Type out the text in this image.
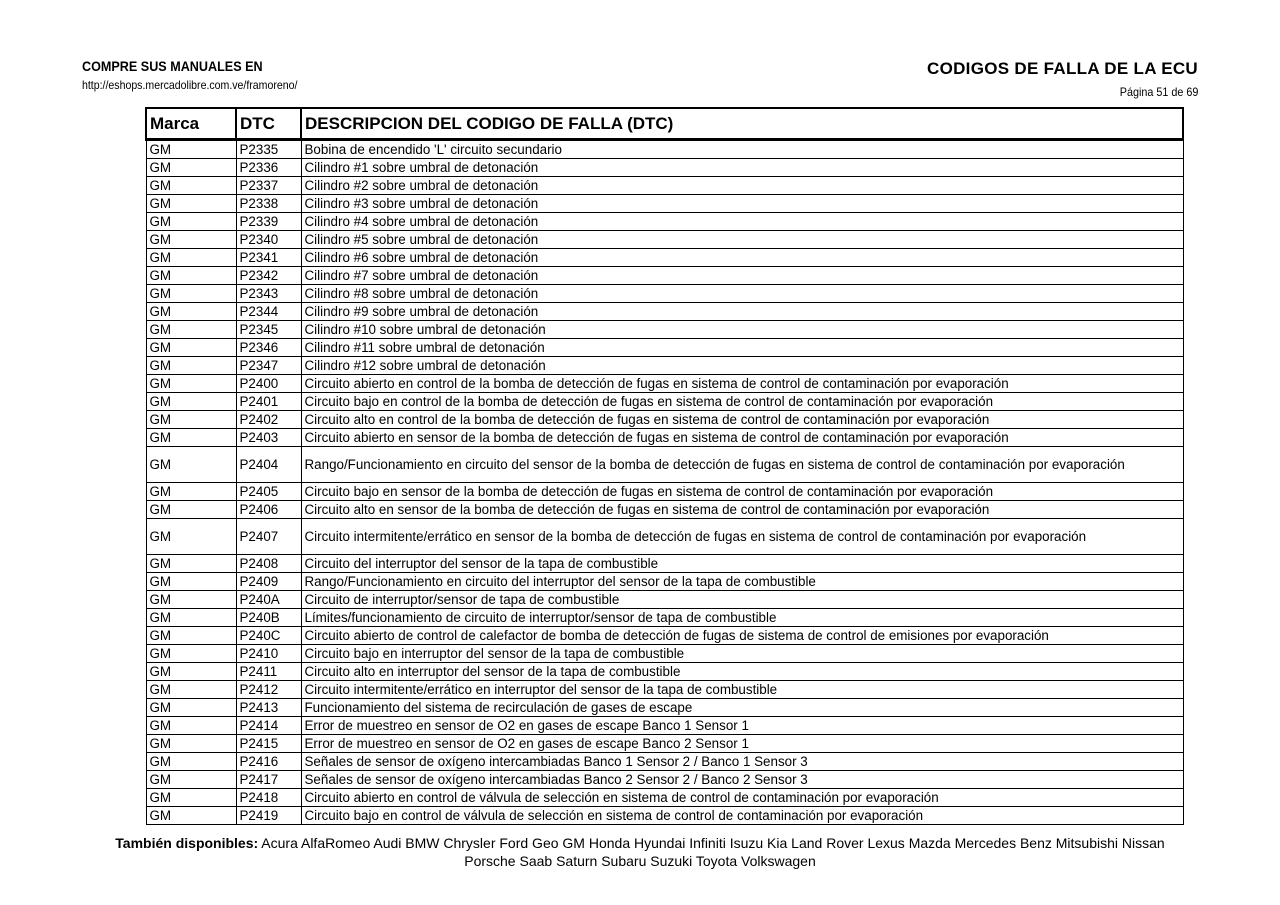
COMPRE SUS MANUALES EN
http://eshops.mercadolibre.com.ve/framoreno/
CODIGOS DE FALLA DE LA ECU
Página 51 de 69
Marca	DTC	DESCRIPCION DEL CODIGO DE FALLA (DTC)
GM	P2335	Bobina de encendido 'L' circuito secundario
GM	P2336	Cilindro #1 sobre umbral de detonación
GM	P2337	Cilindro #2 sobre umbral de detonación
GM	P2338	Cilindro #3 sobre umbral de detonación
GM	P2339	Cilindro #4 sobre umbral de detonación
GM	P2340	Cilindro #5 sobre umbral de detonación
GM	P2341	Cilindro #6 sobre umbral de detonación
GM	P2342	Cilindro #7 sobre umbral de detonación
GM	P2343	Cilindro #8 sobre umbral de detonación
GM	P2344	Cilindro #9 sobre umbral de detonación
GM	P2345	Cilindro #10 sobre umbral de detonación
GM	P2346	Cilindro #11 sobre umbral de detonación
GM	P2347	Cilindro #12 sobre umbral de detonación
GM	P2400	Circuito abierto en control de la bomba de detección de fugas en sistema de control de contaminación por evaporación
GM	P2401	Circuito bajo en control de la bomba de detección de fugas en sistema de control de contaminación por evaporación
GM	P2402	Circuito alto en control de la bomba de detección de fugas en sistema de control de contaminación por evaporación
GM	P2403	Circuito abierto en sensor de la bomba de detección de fugas en sistema de control de contaminación por evaporación
GM	P2404	Rango/Funcionamiento en circuito del sensor de la bomba de detección de fugas en sistema de control de contaminación por evaporación
GM	P2405	Circuito bajo en sensor de la bomba de detección de fugas en sistema de control de contaminación por evaporación
GM	P2406	Circuito alto en sensor de la bomba de detección de fugas en sistema de control de contaminación por evaporación
GM	P2407	Circuito intermitente/errático en sensor de la bomba de detección de fugas en sistema de control de contaminación por evaporación
GM	P2408	Circuito del interruptor del sensor de la tapa de combustible
GM	P2409	Rango/Funcionamiento en circuito del interruptor del sensor de la tapa de combustible
GM	P240A	Circuito de interruptor/sensor de tapa de combustible
GM	P240B	Límites/funcionamiento de circuito de interruptor/sensor de tapa de combustible
GM	P240C	Circuito abierto de control de calefactor de bomba de detección de fugas de sistema de control de emisiones por evaporación
GM	P2410	Circuito bajo en interruptor del sensor de la tapa de combustible
GM	P2411	Circuito alto en interruptor del sensor de la tapa de combustible
GM	P2412	Circuito intermitente/errático en interruptor del sensor de la tapa de combustible
GM	P2413	Funcionamiento del sistema de recirculación de gases de escape
GM	P2414	Error de muestreo en sensor de O2 en gases de escape Banco 1 Sensor 1
GM	P2415	Error de muestreo en sensor de O2 en gases de escape Banco 2 Sensor 1
GM	P2416	Señales de sensor de oxígeno intercambiadas Banco 1 Sensor 2 / Banco 1 Sensor 3
GM	P2417	Señales de sensor de oxígeno intercambiadas Banco 2 Sensor 2 / Banco 2 Sensor 3
GM	P2418	Circuito abierto en control de válvula de selección en sistema de control de contaminación por evaporación
GM	P2419	Circuito bajo en control de válvula de selección en sistema de control de contaminación por evaporación
También disponibles: Acura AlfaRomeo Audi BMW Chrysler Ford Geo GM Honda Hyundai Infiniti Isuzu Kia Land Rover Lexus Mazda Mercedes Benz Mitsubishi Nissan Porsche Saab Saturn Subaru Suzuki Toyota Volkswagen
